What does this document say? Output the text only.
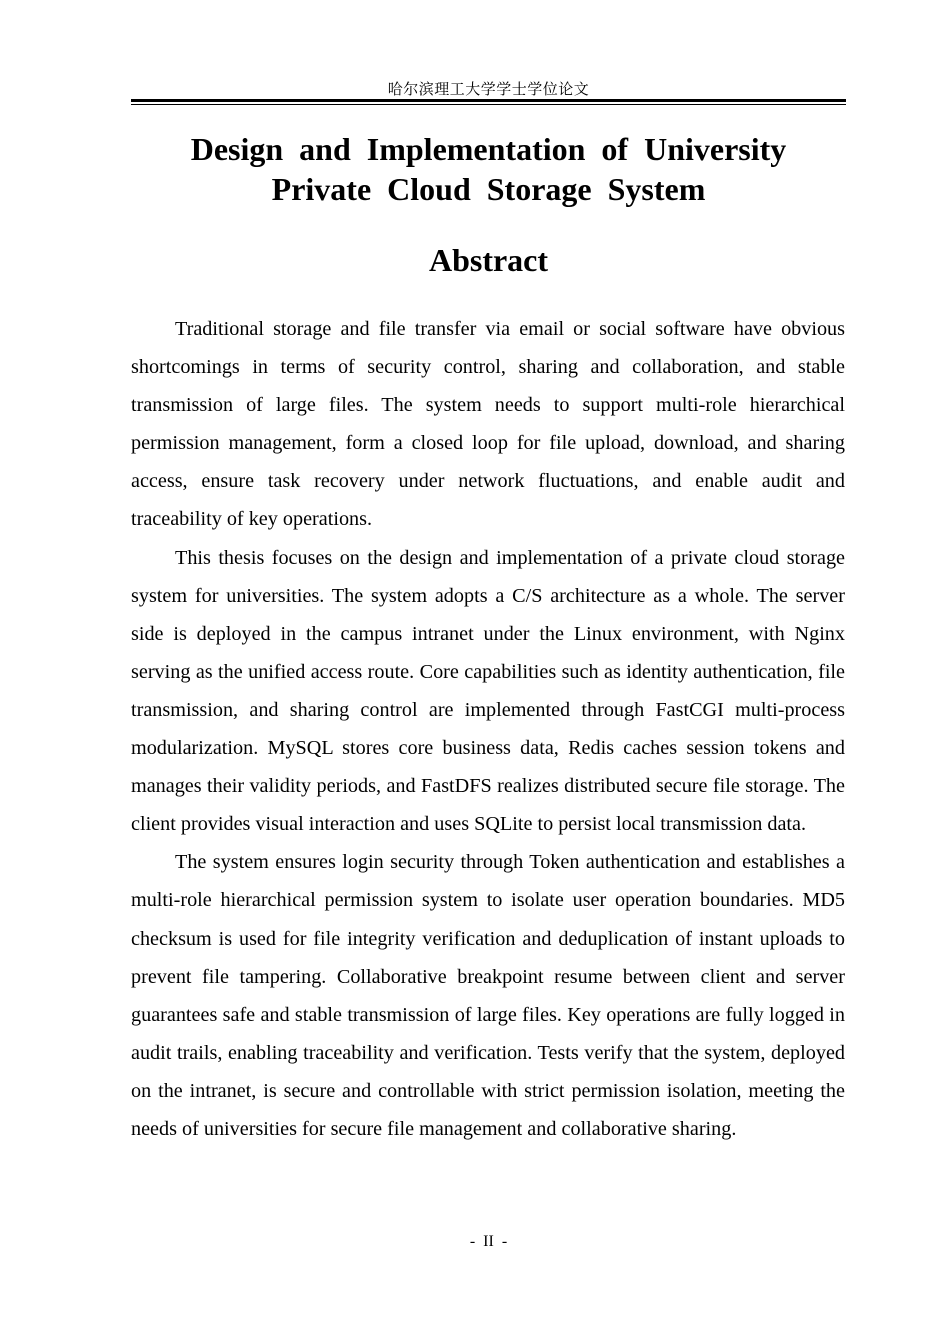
哈尔滨理工大学学士学位论文
Design and Implementation of University
Private Cloud Storage System
Abstract

Traditional storage and file transfer via email or social software have obvious shortcomings in terms of security control, sharing and collaboration, and stable transmission of large files. The system needs to support multi-role hierarchical permission management, form a closed loop for file upload, download, and sharing access, ensure task recovery under network fluctuations, and enable audit and traceability of key operations.

This thesis focuses on the design and implementation of a private cloud storage system for universities. The system adopts a C/S architecture as a whole. The server side is deployed in the campus intranet under the Linux environment, with Nginx serving as the unified access route. Core capabilities such as identity authentication, file transmission, and sharing control are implemented through FastCGI multi-process modularization. MySQL stores core business data, Redis caches session tokens and manages their validity periods, and FastDFS realizes distributed secure file storage. The client provides visual interaction and uses SQLite to persist local transmission data.

The system ensures login security through Token authentication and establishes a multi-role hierarchical permission system to isolate user operation boundaries. MD5 checksum is used for file integrity verification and deduplication of instant uploads to prevent file tampering. Collaborative breakpoint resume between client and server guarantees safe and stable transmission of large files. Key operations are fully logged in audit trails, enabling traceability and verification. Tests verify that the system, deployed on the intranet, is secure and controllable with strict permission isolation, meeting the needs of universities for secure file management and collaborative sharing.

- II -
